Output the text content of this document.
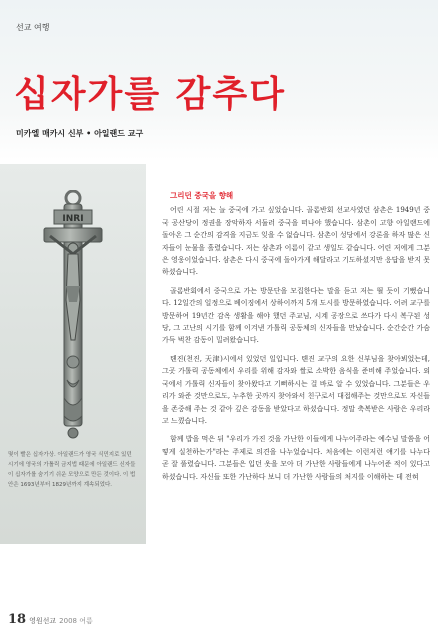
선교 여행
십자가를 감추다
미카엘 매카시 신부 • 아일랜드 교구
INRI
몇이 빨은 십자가상. 아일랜드가 영국 식민지로 있던 시기에 영국의 가톨릭 금지법 때문에 아일랜드 신자들이 십자가를 숨기기 쉬운 모양으로 만든 것이다. 이 법안은 1693년부터 1829년까지 계속되었다.
그리던 중국을 향해

어린 시절 저는 늘 중국에 가고 싶었습니다. 골롬반회 선교사였던 삼촌은 1949년 중국 공산당이 정권을 장악하자 서둘러 중국을 떠나야 했습니다. 삼촌이 고향 아일랜드에 돌아온 그 순간의 감격을 지금도 잊을 수 없습니다. 삼촌이 성당에서 강론을 하자 많은 신자들이 눈물을 흘렸습니다. 저는 삼촌과 이름이 같고 생일도 같습니다. 어린 저에게 그분은 영웅이었습니다. 삼촌은 다시 중국에 돌아가게 해달라고 기도하셨지만 응답을 받지 못하셨습니다.

골롬반회에서 중국으로 가는 방문단을 모집한다는 말을 듣고 저는 뛸 듯이 기뻤습니다. 12일간의 일정으로 베이징에서 상하이까지 5개 도시를 방문하였습니다. 어려 교구를 방문하여 19년간 감옥 생활을 해야 했던 주교님, 시계 공장으로 쓰다가 다시 복구된 성당, 그 고난의 시기를 함께 이겨낸 가톨릭 공동체의 신자들을 만났습니다. 순간순간 가슴 가득 벅찬 감동이 밀려왔습니다.

톈진(천진, 天津)시에서 있었던 일입니다. 톈진 교구의 요한 신부님을 찾아뵈었는데, 그곳 가톨릭 공동체에서 우리를 위해 감자와 쌀로 소박한 음식을 준비해 주었습니다. 외국에서 가톨릭 신자들이 찾아왔다고 기뻐하시는 걸 바로 알 수 있었습니다. 그분들은 우리가 와준 것만으로도, 누추한 곳까지 찾아와서 친구로서 대접해주는 것만으로도 자신들을 존중해 주는 것 같아 깊은 감동을 받았다고 하셨습니다. 정말 축복받은 사람은 우리라고 느꼈습니다.

함께 밥을 먹은 뒤 "우리가 가진 것을 가난한 이들에게 나누어주라는 예수님 말씀을 어떻게 실천하는가"라는 주제로 의견을 나누었습니다. 처음에는 이런저런 얘기를 나누다 곧 잘 풀렸습니다. 그분들은 입던 옷을 모아 더 가난한 사람들에게 나누어준 적이 있다고 하셨습니다. 자신들 또한 가난하다 보니 더 가난한 사람들의 처지를 이해하는 데 전혀

18 영원선교 2008 여름
